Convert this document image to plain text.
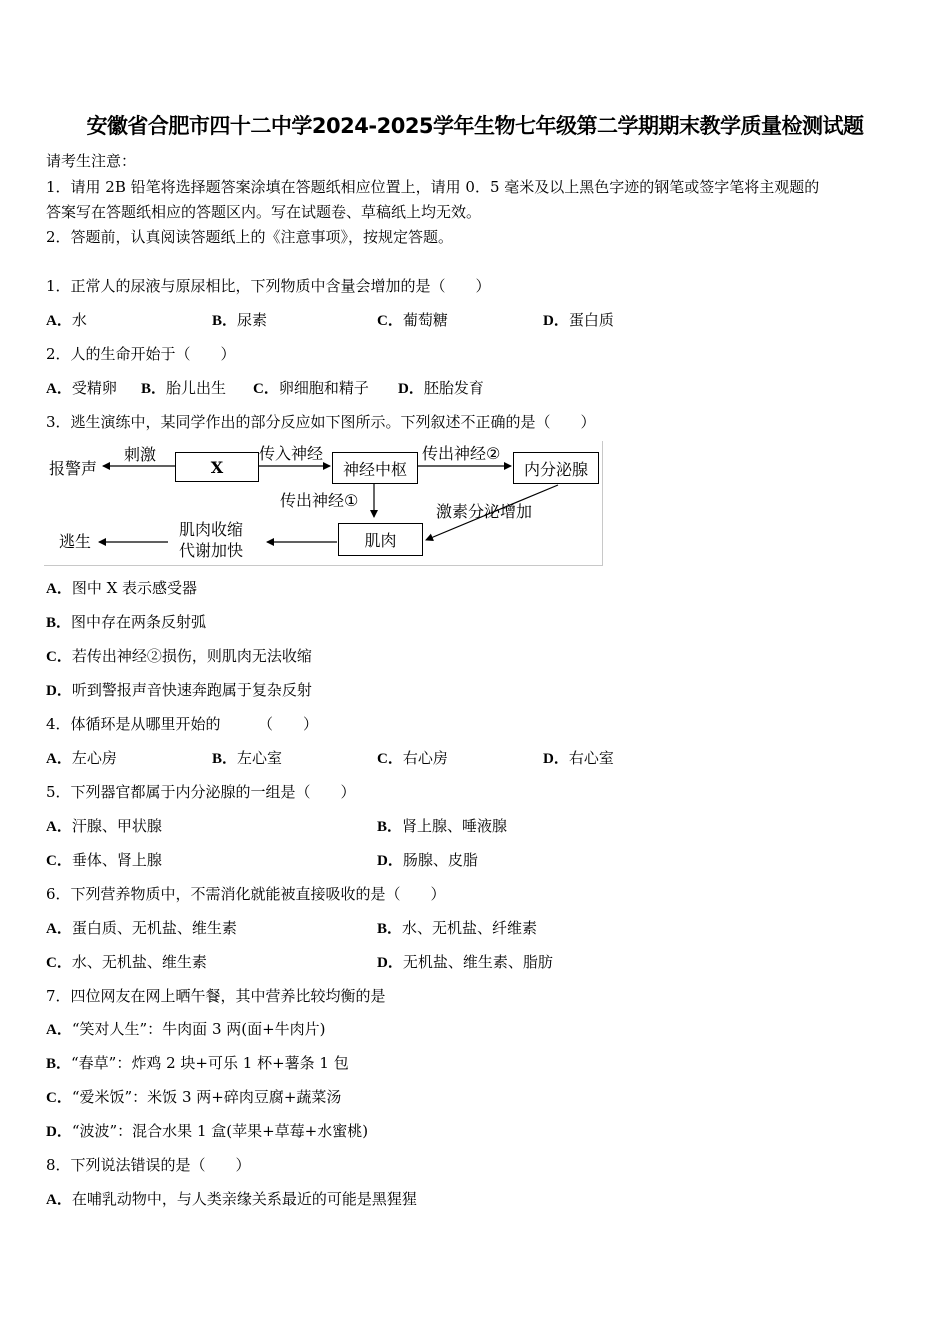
安徽省合肥市四十二中学2024-2025学年生物七年级第二学期期末教学质量检测试题
请考生注意：
1．请用 2B 铅笔将选择题答案涂填在答题纸相应位置上，请用 0．5 毫米及以上黑色字迹的钢笔或签字笔将主观题的
答案写在答题纸相应的答题区内。写在试题卷、草稿纸上均无效。
2．答题前，认真阅读答题纸上的《注意事项》，按规定答题。
1．正常人的尿液与原尿相比，下列物质中含量会增加的是（　　）
A．水	B．尿素	C．葡萄糖	D．蛋白质
2．人的生命开始于（　　）
A．受精卵 B．胎儿出生 C．卵细胞和精子 D．胚胎发育
3．逃生演练中，某同学作出的部分反应如下图所示。下列叙述不正确的是（　　）
报警声
刺激
X
传入神经
神经中枢
传出神经②
内分泌腺
传出神经①
激素分泌增加
肌肉
肌肉收缩
代谢加快
逃生
A．图中 X 表示感受器
B．图中存在两条反射弧
C．若传出神经②损伤，则肌肉无法收缩
D．听到警报声音快速奔跑属于复杂反射
4．体循环是从哪里开始的　　　（　　）
A．左心房	B．左心室	C．右心房	D．右心室
5．下列器官都属于内分泌腺的一组是（　　）
A．汗腺、甲状腺	B．肾上腺、唾液腺
C．垂体、肾上腺	D．肠腺、皮脂
6．下列营养物质中，不需消化就能被直接吸收的是（　　）
A．蛋白质、无机盐、维生素	B．水、无机盐、纤维素
C．水、无机盐、维生素	D．无机盐、维生素、脂肪
7．四位网友在网上晒午餐，其中营养比较均衡的是
A．“笑对人生”：牛肉面 3 两(面+牛肉片)
B．“春草”：炸鸡 2 块+可乐 1 杯+薯条 1 包
C．“爱米饭”：米饭 3 两+碎肉豆腐+蔬菜汤
D．“波波”：混合水果 1 盒(苹果+草莓+水蜜桃)
8．下列说法错误的是（　　）
A．在哺乳动物中，与人类亲缘关系最近的可能是黑猩猩
